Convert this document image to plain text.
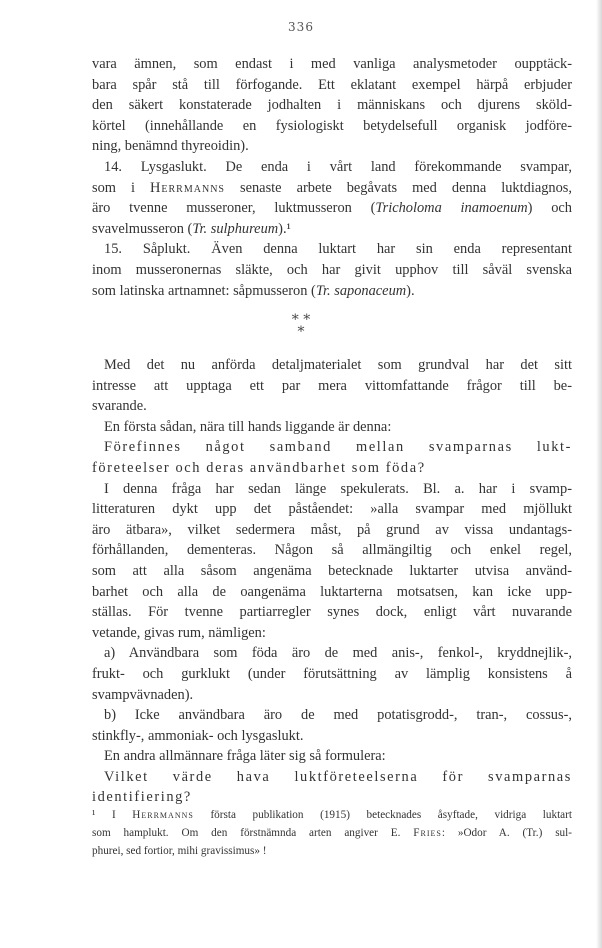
336
vara ämnen, som endast i med vanliga analysmetoder oupptäck-
bara spår stå till förfogande. Ett eklatant exempel härpå erbjuder
den säkert konstaterade jodhalten i människans och djurens sköld-
körtel (innehållande en fysiologiskt betydelsefull organisk jodföre-
ning, benämnd thyreoidin).
14. Lysgaslukt. De enda i vårt land förekommande svampar,
som i Herrmanns senaste arbete begåvats med denna luktdiagnos,
äro tvenne musseroner, luktmusseron (Tricholoma inamoenum) och
svavelmusseron (Tr. sulphureum).¹
15. Såplukt. Även denna luktart har sin enda representant
inom musseronernas släkte, och har givit upphov till såväl svenska
som latinska artnamnet: såpmusseron (Tr. saponaceum).
* *
*
Med det nu anförda detaljmaterialet som grundval har det sitt
intresse att upptaga ett par mera vittomfattande frågor till be-
svarande.
En första sådan, nära till hands liggande är denna:
Förefinnes något samband mellan svamparnas lukt-
företeelser och deras användbarhet som föda?
I denna fråga har sedan länge spekulerats. Bl. a. har i svamp-
litteraturen dykt upp det påståendet: »alla svampar med mjöllukt
äro ätbara», vilket sedermera måst, på grund av vissa undantags-
förhållanden, dementeras. Någon så allmängiltig och enkel regel,
som att alla såsom angenäma betecknade luktarter utvisa använd-
barhet och alla de oangenäma luktarterna motsatsen, kan icke upp-
ställas. För tvenne partiarregler synes dock, enligt vårt nuvarande
vetande, givas rum, nämligen:
a) Användbara som föda äro de med anis-, fenkol-, kryddnejlik-,
frukt- och gurklukt (under förutsättning av lämplig konsistens å
svampvävnaden).
b) Icke användbara äro de med potatisgrodd-, tran-, cossus-,
stinkfly-, ammoniak- och lysgaslukt.
En andra allmännare fråga läter sig så formulera:
Vilket värde hava luktföreteelserna för svamparnas
identifiering?
¹ I Herrmanns första publikation (1915) betecknades åsyftade, vidriga luktart
som hamplukt. Om den förstnämnda arten angiver E. Fries: »Odor A. (Tr.) sul-
phurei, sed fortior, mihi gravissimus» !
